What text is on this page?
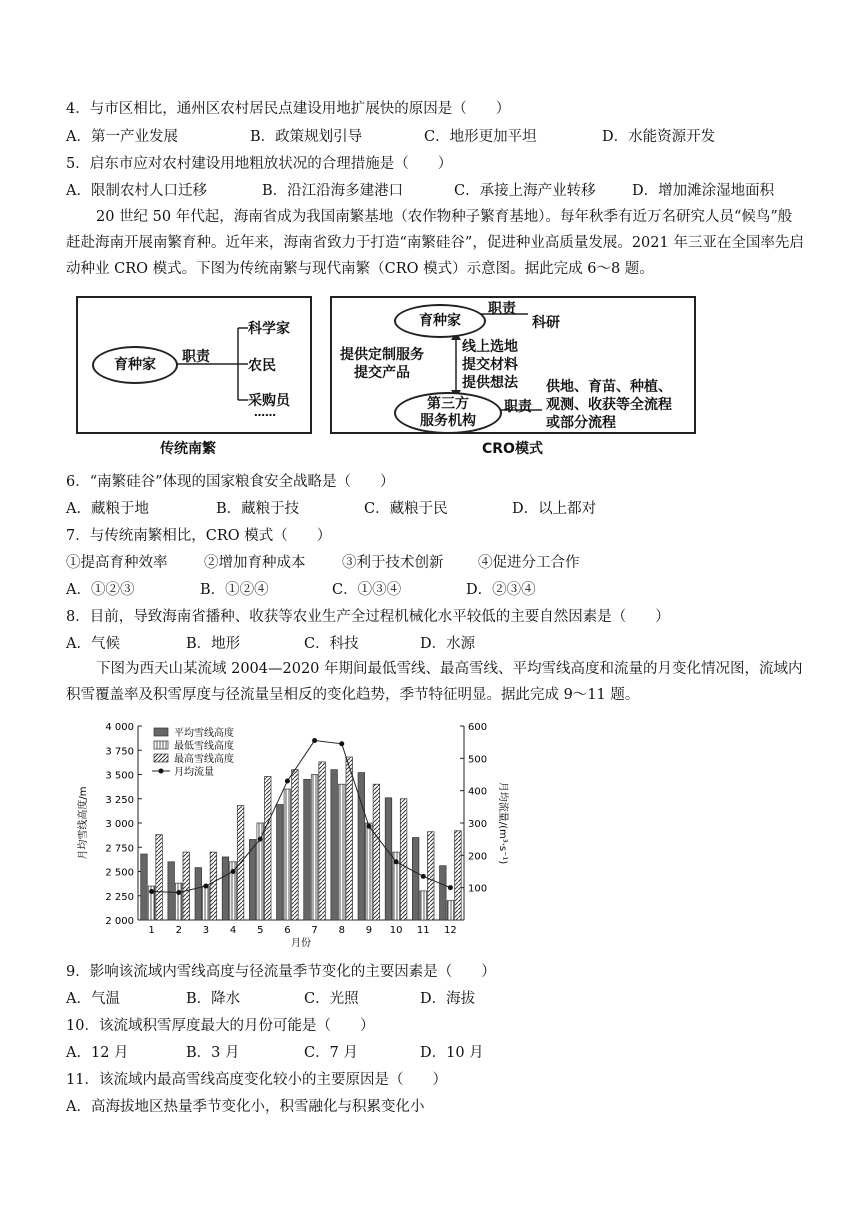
4．与市区相比，通州区农村居民点建设用地扩展快的原因是（　　）
A．第一产业发展	B．政策规划引导	C．地形更加平坦	D．水能资源开发
5．启东市应对农村建设用地粗放状况的合理措施是（　　）
A．限制农村人口迁移	B．沿江沿海多建港口	C．承接上海产业转移	D．增加滩涂湿地面积
20 世纪 50 年代起，海南省成为我国南繁基地（农作物种子繁育基地）。每年秋季有近万名研究人员“候鸟”般赶赴海南开展南繁育种。近年来，海南省致力于打造“南繁硅谷”，促进种业高质量发展。2021 年三亚在全国率先启动种业 CRO 模式。下图为传统南繁与现代南繁（CRO 模式）示意图。据此完成 6～8 题。
育种家	职责
科学家
农民
采购员
……
传统南繁
育种家
职责
科研
提供定制服务
提交产品
线上选地
提交材料
提供想法
第三方
服务机构
职责
供地、育苗、种植、
观测、收获等全流程
或部分流程
CRO模式
6．“南繁硅谷”体现的国家粮食安全战略是（　　）
A．藏粮于地	B．藏粮于技	C．藏粮于民	D．以上都对
7．与传统南繁相比，CRO 模式（　　）
①提高育种效率	②增加育种成本	③利于技术创新 ④促进分工合作
A．①②③	B．①②④	C．①③④	D．②③④
8．目前，导致海南省播种、收获等农业生产全过程机械化水平较低的主要自然因素是（　　）
A．气候	B．地形	C．科技	D．水源
下图为西天山某流域 2004—2020 年期间最低雪线、最高雪线、平均雪线高度和流量的月变化情况图，流域内积雪覆盖率及积雪厚度与径流量呈相反的变化趋势，季节特征明显。据此完成 9～11 题。
2 000
2 250
2 500
2 750
3 000
3 250
3 500
3 750
4 000
100
200
300
400
500
600
1 2 3 4 5 6 7 8 9 10 11 12
月份
月均雪线高度/m	月均流量/(m³·s⁻¹)
平均雪线高度
最低雪线高度
最高雪线高度
月均流量
9．影响该流域内雪线高度与径流量季节变化的主要因素是（　　）
A．气温	B．降水	C．光照	D．海拔
10．该流域积雪厚度最大的月份可能是（　　）
A．12 月	B．3 月	C．7 月	D．10 月
11．该流域内最高雪线高度变化较小的主要原因是（　　）
A．高海拔地区热量季节变化小，积雪融化与积累变化小
